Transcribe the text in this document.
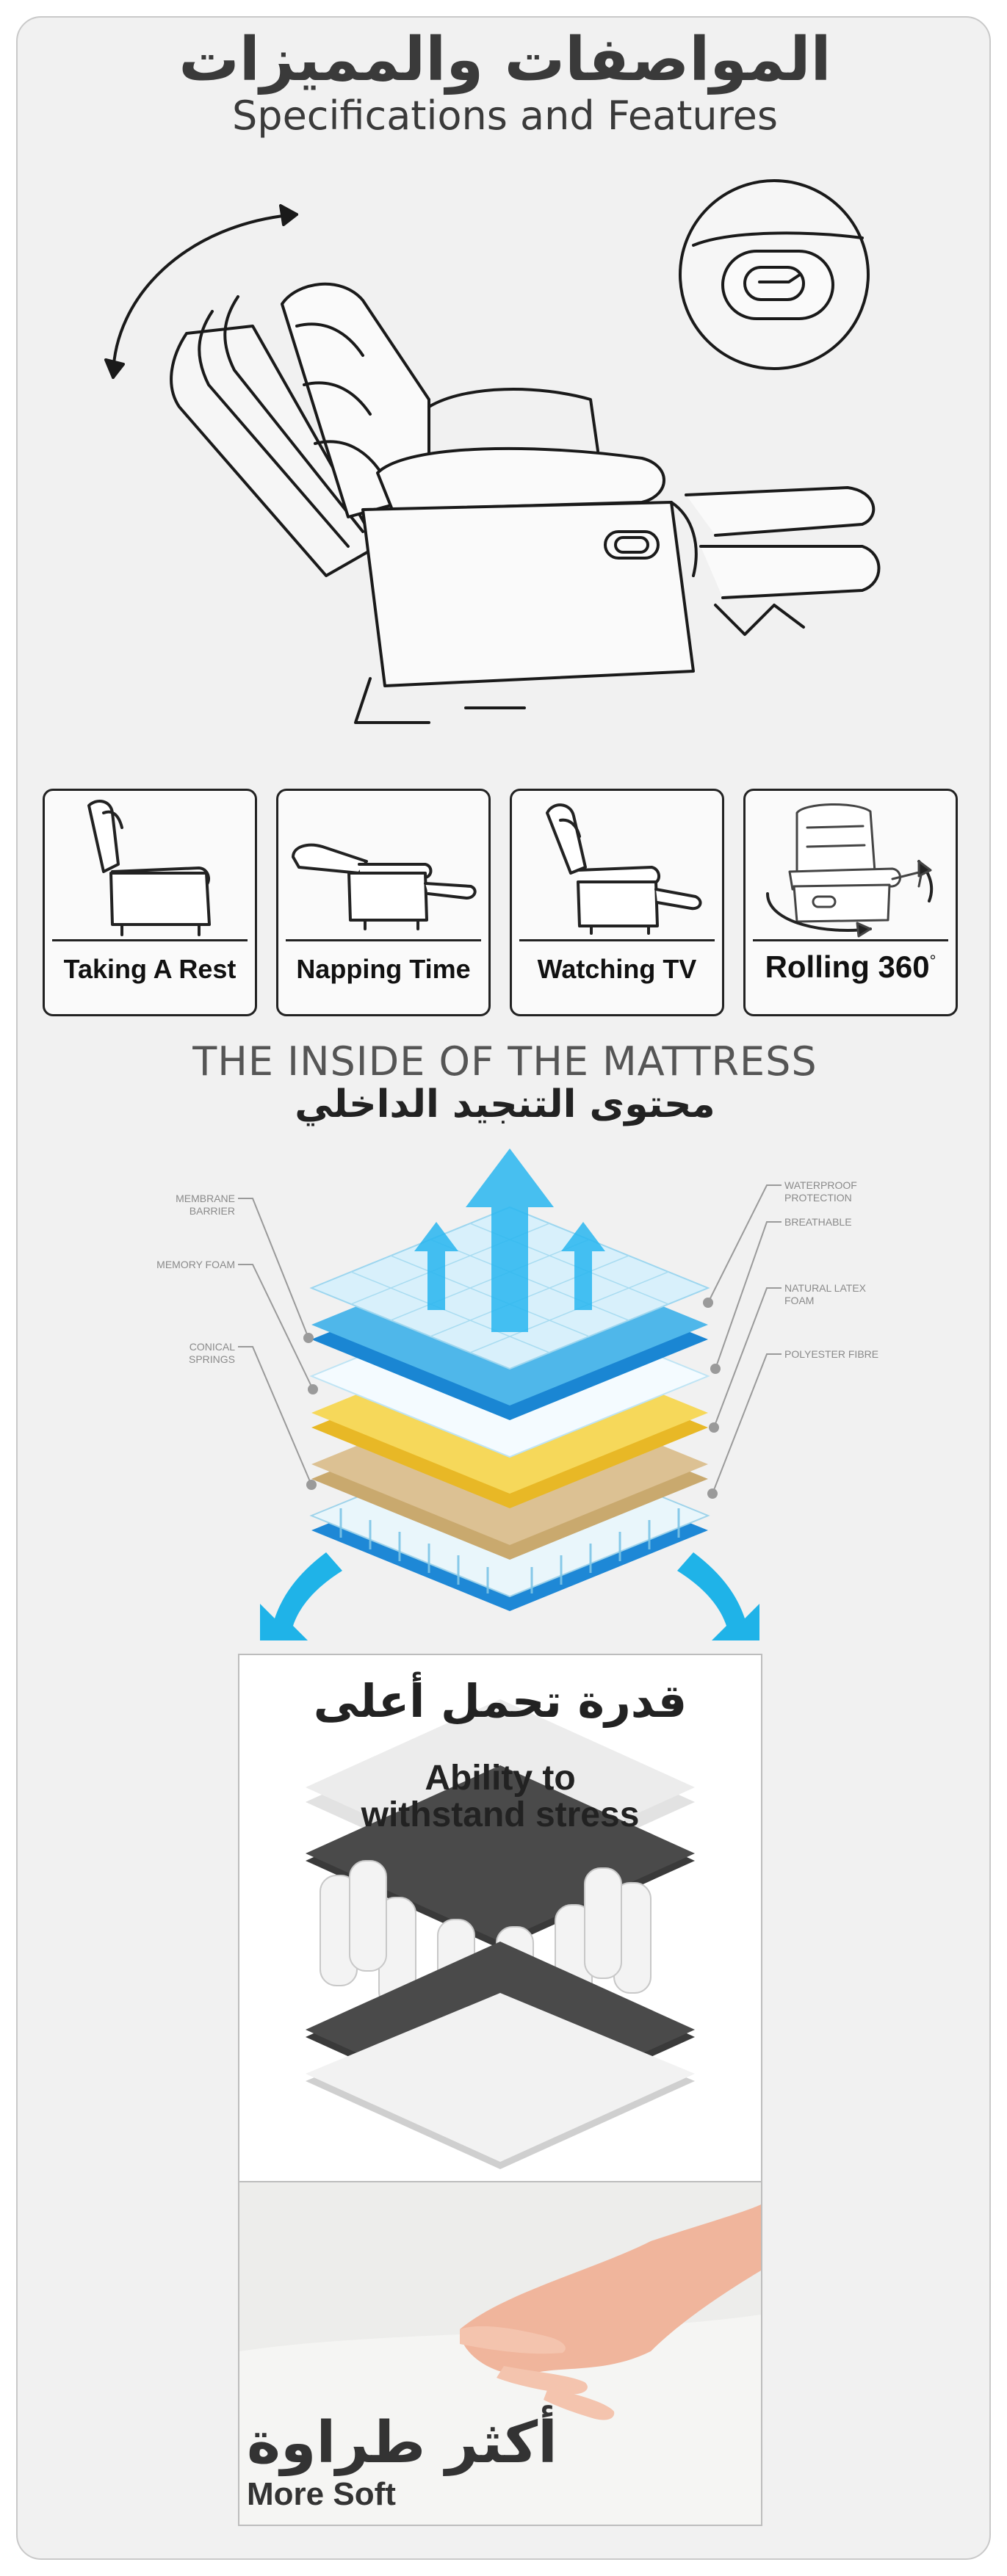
المواصفات والمميزات
Specifications and Features
Taking A Rest	Napping Time	Watching TV	Rolling 360°
THE INSIDE OF THE MATTRESS
محتوى التنجيد الداخلي
MEMBRANE BARRIER
MEMORY FOAM
CONICAL SPRINGS
WATERPROOF PROTECTION
BREATHABLE
NATURAL LATEX FOAM
POLYESTER FIBRE
قدرة تحمل أعلى
Ability to
withstand stress
أكثر طراوة
More Soft
